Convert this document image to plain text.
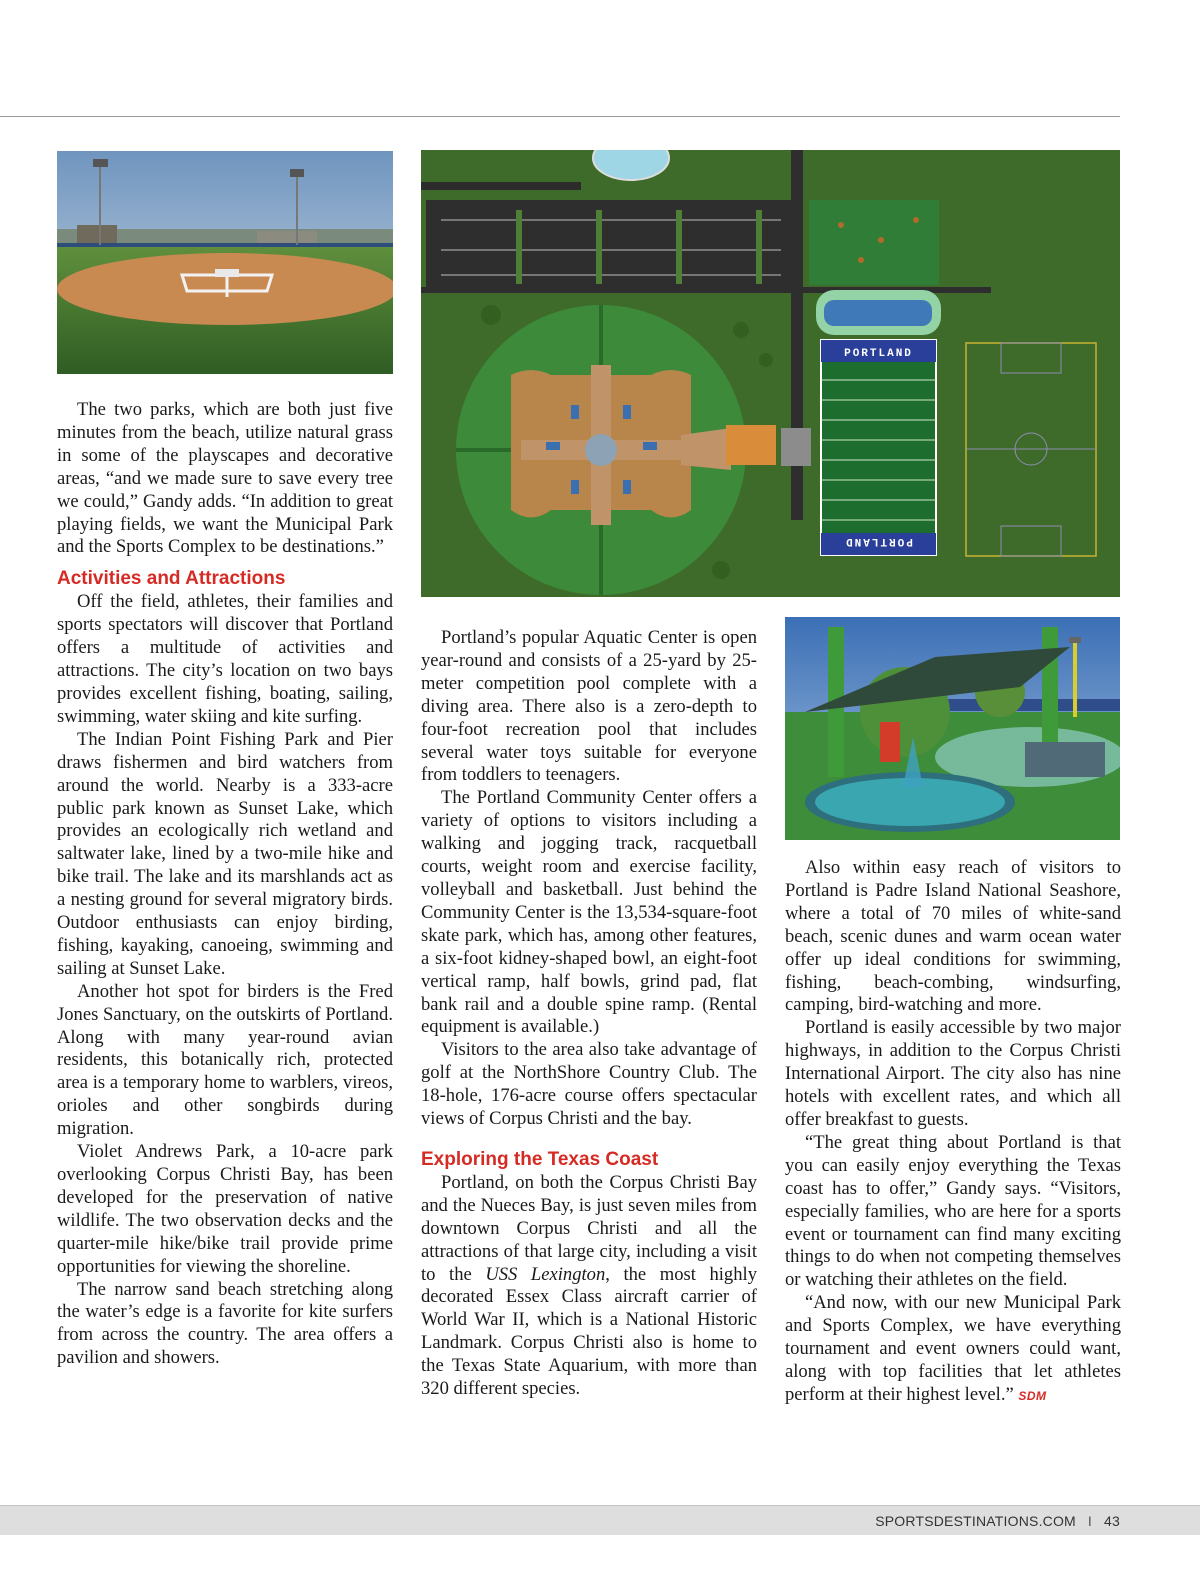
PORTLAND
PORTLAND

The two parks, which are both just five minutes from the beach, utilize natural grass in some of the playscapes and decorative areas, “and we made sure to save every tree we could,” Gandy adds. “In addition to great playing fields, we want the Municipal Park and the Sports Complex to be destinations.”

Activities and Attractions

Off the field, athletes, their families and sports spectators will discover that Portland offers a multitude of activities and attractions. The city’s location on two bays provides excellent fishing, boating, sailing, swimming, water skiing and kite surfing.

The Indian Point Fishing Park and Pier draws fishermen and bird watchers from around the world. Nearby is a 333-acre public park known as Sunset Lake, which provides an ecologically rich wetland and saltwater lake, lined by a two-mile hike and bike trail. The lake and its marshlands act as a nesting ground for several migratory birds. Outdoor enthusiasts can enjoy birding, fishing, kayaking, canoeing, swimming and sailing at Sunset Lake.

Another hot spot for birders is the Fred Jones Sanctuary, on the outskirts of Portland. Along with many year-round avian residents, this botanically rich, protected area is a temporary home to warblers, vireos, orioles and other songbirds during migration.

Violet Andrews Park, a 10-acre park overlooking Corpus Christi Bay, has been developed for the preservation of native wildlife. The two observation decks and the quarter-mile hike/bike trail provide prime opportunities for viewing the shoreline.

The narrow sand beach stretching along the water’s edge is a favorite for kite surfers from across the country. The area offers a pavilion and showers.

Portland’s popular Aquatic Center is open year-round and consists of a 25-yard by 25-meter competition pool complete with a diving area. There also is a zero-depth to four-foot recreation pool that includes several water toys suitable for everyone from toddlers to teenagers.

The Portland Community Center offers a variety of options to visitors including a walking and jogging track, racquetball courts, weight room and exercise facility, volleyball and basketball. Just behind the Community Center is the 13,534-square-foot skate park, which has, among other features, a six-foot kidney-shaped bowl, an eight-foot vertical ramp, half bowls, grind pad, flat bank rail and a double spine ramp. (Rental equipment is available.)

Visitors to the area also take advantage of golf at the NorthShore Country Club. The 18-hole, 176-acre course offers spectacular views of Corpus Christi and the bay.

Exploring the Texas Coast

Portland, on both the Corpus Christi Bay and the Nueces Bay, is just seven miles from downtown Corpus Christi and all the attractions of that large city, including a visit to the USS Lexington, the most highly decorated Essex Class aircraft carrier of World War II, which is a National Historic Landmark. Corpus Christi also is home to the Texas State Aquarium, with more than 320 different species.

Also within easy reach of visitors to Portland is Padre Island National Seashore, where a total of 70 miles of white-sand beach, scenic dunes and warm ocean water offer up ideal conditions for swimming, fishing, beach-combing, windsurfing, camping, bird-watching and more.

Portland is easily accessible by two major highways, in addition to the Corpus Christi International Airport. The city also has nine hotels with excellent rates, and which all offer breakfast to guests.

“The great thing about Portland is that you can easily enjoy everything the Texas coast has to offer,” Gandy says. “Visitors, especially families, who are here for a sports event or tournament can find many exciting things to do when not competing themselves or watching their athletes on the field.

“And now, with our new Municipal Park and Sports Complex, we have everything tournament and event owners could want, along with top facilities that let athletes perform at their highest level.” SDM

SPORTSDESTINATIONS.COM I 43
